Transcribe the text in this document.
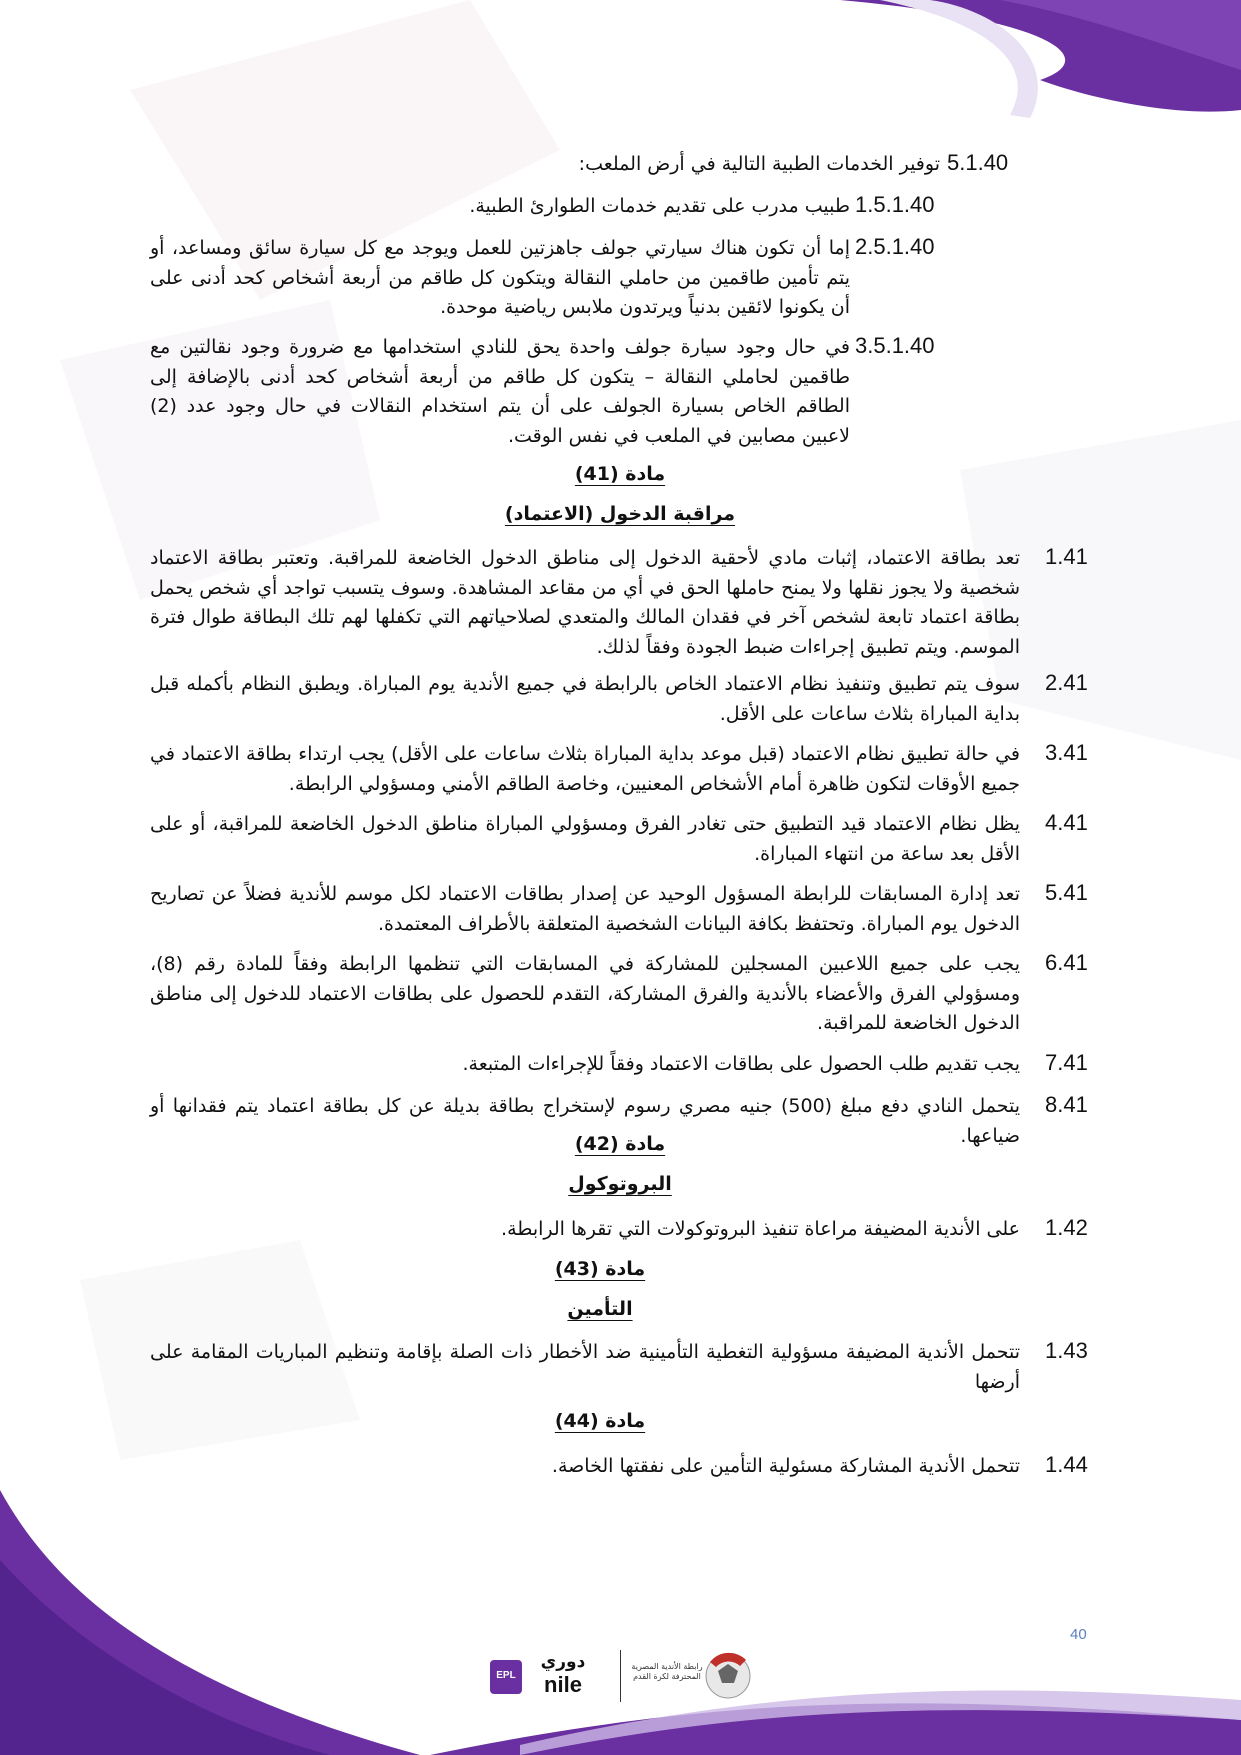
5.1.40
توفير الخدمات الطبية التالية في أرض الملعب:
1.5.1.40
طبيب مدرب على تقديم خدمات الطوارئ الطبية.
2.5.1.40
إما أن تكون هناك سيارتي جولف جاهزتين للعمل ويوجد مع كل سيارة سائق ومساعد، أو يتم تأمين طاقمين من حاملي النقالة ويتكون كل طاقم من أربعة أشخاص كحد أدنى على أن يكونوا لائقين بدنياً ويرتدون ملابس رياضية موحدة.
3.5.1.40
في حال وجود سيارة جولف واحدة يحق للنادي استخدامها مع ضرورة وجود نقالتين مع طاقمين لحاملي النقالة – يتكون كل طاقم من أربعة أشخاص كحد أدنى بالإضافة إلى الطاقم الخاص بسيارة الجولف على أن يتم استخدام النقالات في حال وجود عدد (2) لاعبين مصابين في الملعب في نفس الوقت.
مادة (41)
مراقبة الدخول (الاعتماد)
1.41
تعد بطاقة الاعتماد، إثبات مادي لأحقية الدخول إلى مناطق الدخول الخاضعة للمراقبة. وتعتبر بطاقة الاعتماد شخصية ولا يجوز نقلها ولا يمنح حاملها الحق في أي من مقاعد المشاهدة. وسوف يتسبب تواجد أي شخص يحمل بطاقة اعتماد تابعة لشخص آخر في فقدان المالك والمتعدي لصلاحياتهم التي تكفلها لهم تلك البطاقة طوال فترة الموسم. ويتم تطبيق إجراءات ضبط الجودة وفقاً لذلك.
2.41
سوف يتم تطبيق وتنفيذ نظام الاعتماد الخاص بالرابطة في جميع الأندية يوم المباراة. ويطبق النظام بأكمله قبل بداية المباراة بثلاث ساعات على الأقل.
3.41
في حالة تطبيق نظام الاعتماد (قبل موعد بداية المباراة بثلاث ساعات على الأقل) يجب ارتداء بطاقة الاعتماد في جميع الأوقات لتكون ظاهرة أمام الأشخاص المعنيين، وخاصة الطاقم الأمني ومسؤولي الرابطة.
4.41
يظل نظام الاعتماد قيد التطبيق حتى تغادر الفرق ومسؤولي المباراة مناطق الدخول الخاضعة للمراقبة، أو على الأقل بعد ساعة من انتهاء المباراة.
5.41
تعد إدارة المسابقات للرابطة المسؤول الوحيد عن إصدار بطاقات الاعتماد لكل موسم للأندية فضلاً عن تصاريح الدخول يوم المباراة. وتحتفظ بكافة البيانات الشخصية المتعلقة بالأطراف المعتمدة.
6.41
يجب على جميع اللاعبين المسجلين للمشاركة في المسابقات التي تنظمها الرابطة وفقاً للمادة رقم (8)، ومسؤولي الفرق والأعضاء بالأندية والفرق المشاركة، التقدم للحصول على بطاقات الاعتماد للدخول إلى مناطق الدخول الخاضعة للمراقبة.
7.41
يجب تقديم طلب الحصول على بطاقات الاعتماد وفقاً للإجراءات المتبعة.
8.41
يتحمل النادي دفع مبلغ (500) جنيه مصري رسوم لإستخراج بطاقة بديلة عن كل بطاقة اعتماد يتم فقدانها أو ضياعها.
مادة (42)
البروتوكول
1.42
على الأندية المضيفة مراعاة تنفيذ البروتوكولات التي تقرها الرابطة.
مادة (43)
التأمين
1.43
تتحمل الأندية المضيفة مسؤولية التغطية التأمينية ضد الأخطار ذات الصلة بإقامة وتنظيم المباريات المقامة على أرضها
مادة (44)
1.44
تتحمل الأندية المشاركة مسئولية التأمين على نفقتها الخاصة.
40
EPL
دوري
nile
رابطة الأندية المصرية المحترفة لكرة القدم
